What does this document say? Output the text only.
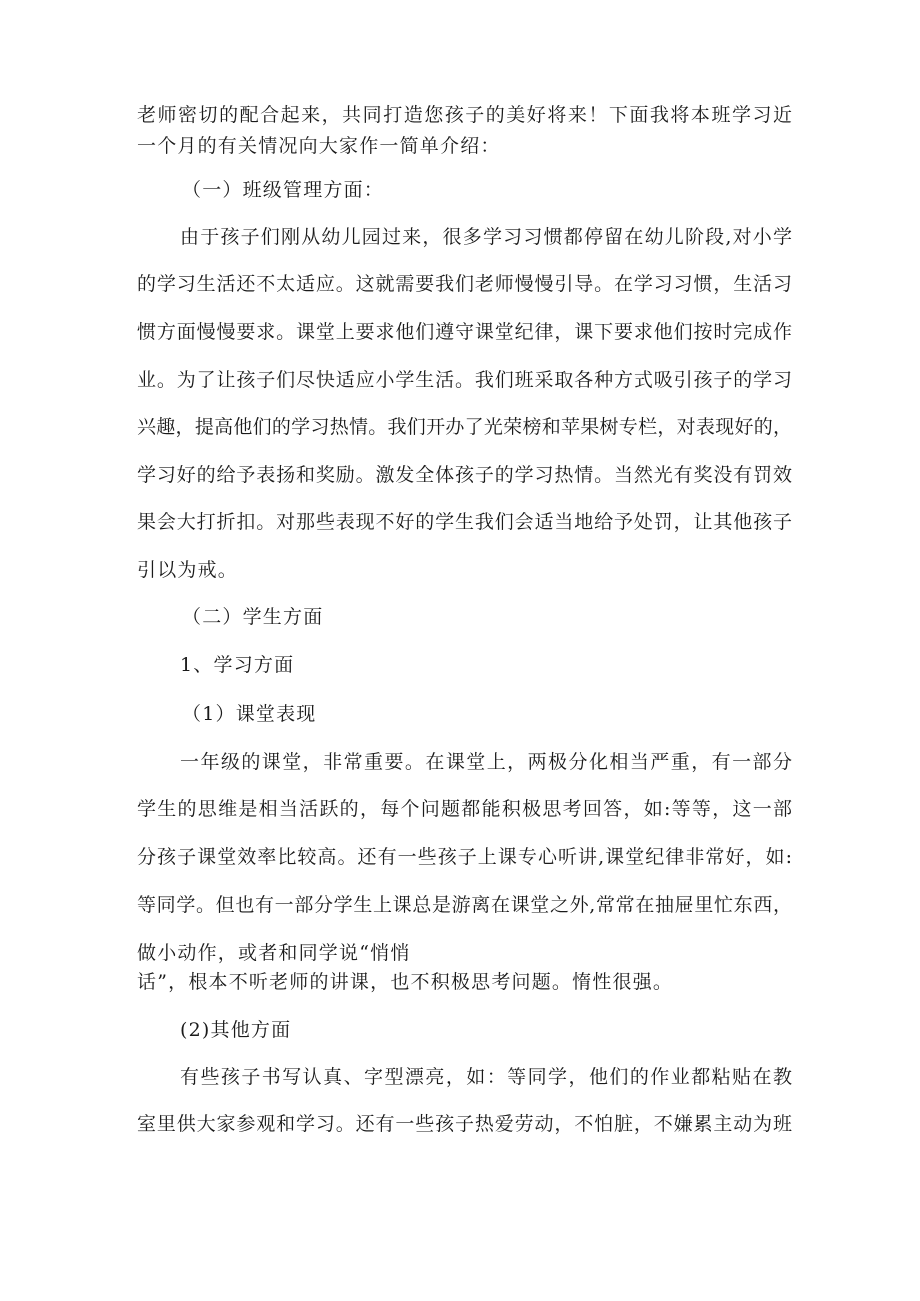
老师密切的配合起来，共同打造您孩子的美好将来！下面我将本班学习近
一个月的有关情况向大家作一简单介绍：
（一）班级管理方面：
由于孩子们刚从幼儿园过来，很多学习习惯都停留在幼儿阶段,对小学
的学习生活还不太适应。这就需要我们老师慢慢引导。在学习习惯，生活习
惯方面慢慢要求。课堂上要求他们遵守课堂纪律，课下要求他们按时完成作
业。为了让孩子们尽快适应小学生活。我们班采取各种方式吸引孩子的学习
兴趣，提高他们的学习热情。我们开办了光荣榜和苹果树专栏，对表现好的，
学习好的给予表扬和奖励。激发全体孩子的学习热情。当然光有奖没有罚效
果会大打折扣。对那些表现不好的学生我们会适当地给予处罚，让其他孩子
引以为戒。
（二）学生方面
1、学习方面
（1）课堂表现
一年级的课堂，非常重要。在课堂上，两极分化相当严重，有一部分
学生的思维是相当活跃的，每个问题都能积极思考回答，如:等等，这一部
分孩子课堂效率比较高。还有一些孩子上课专心听讲,课堂纪律非常好，如:
等同学。但也有一部分学生上课总是游离在课堂之外,常常在抽屉里忙东西，
做小动作，或者和同学说“悄悄
话”，根本不听老师的讲课，也不积极思考问题。惰性很强。
(2)其他方面
有些孩子书写认真、字型漂亮，如：等同学，他们的作业都粘贴在教
室里供大家参观和学习。还有一些孩子热爱劳动，不怕脏，不嫌累主动为班
